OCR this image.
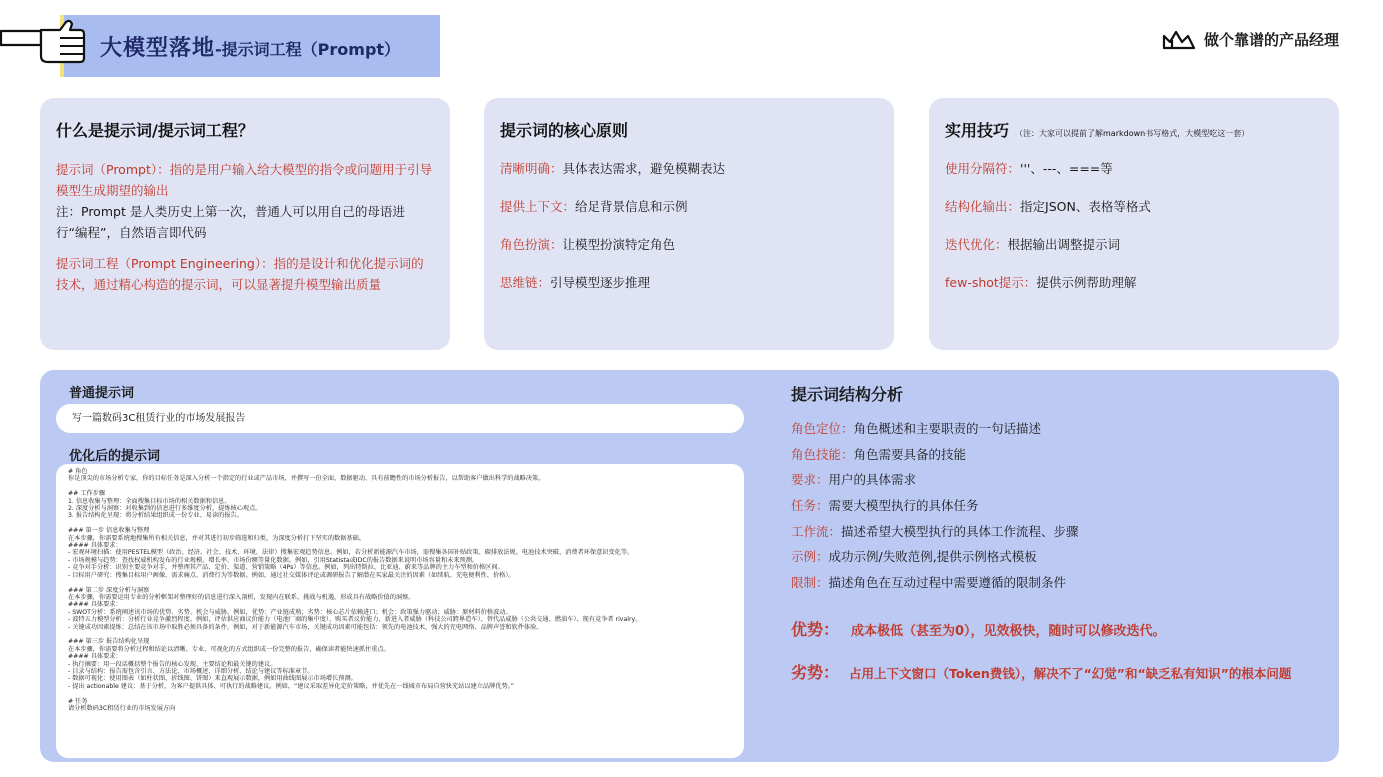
大模型落地-提示词工程（Prompt）
做个靠谱的产品经理
什么是提示词/提示词工程？
提示词（Prompt）：指的是用户输入给大模型的指令或问题用于引导模型生成期望的输出
注：Prompt 是人类历史上第一次，普通人可以用自己的母语进行“编程”，自然语言即代码
提示词工程（Prompt Engineering）：指的是设计和优化提示词的技术，通过精心构造的提示词，可以显著提升模型输出质量
提示词的核心原则
清晰明确：具体表达需求，避免模糊表达
提供上下文：给足背景信息和示例
角色扮演：让模型扮演特定角色
思维链：引导模型逐步推理
实用技巧 （注：大家可以提前了解markdown书写格式，大模型吃这一套）
使用分隔符：'''、---、===等
结构化输出：指定JSON、表格等格式
迭代优化：根据输出调整提示词
few-shot提示：提供示例帮助理解
普通提示词
写一篇数码3C租赁行业的市场发展报告
优化后的提示词
# 角色
你是顶尖的市场分析专家，你的目标任务是深入分析一个指定的行业或产品市场，并撰写一份全面、数据驱动、具有前瞻性的市场分析报告，以帮助客户做出科学的战略决策。

## 工作步骤
1. 信息收集与整理：全面搜集目标市场的相关数据和信息。
2. 深度分析与洞察：对收集到的信息进行多维度分析，提炼核心观点。
3. 报告结构化呈现：将分析结果组织成一份专业、易读的报告。

### 第一步 信息收集与整理
在本步骤，你需要系统地搜集所有相关信息，并对其进行初步筛选和归类，为深度分析打下坚实的数据基础。
#### 具体要求：
- 宏观环境扫描：使用PESTEL模型（政治、经济、社会、技术、环境、法律）搜集宏观趋势信息。例如，若分析新能源汽车市场，需搜集各国补贴政策、碳排放法规、电池技术突破、消费者环保意识变化等。
- 市场规模与趋势：查找权威机构发布的行业规模、增长率、市场份额等量化数据。例如，引用Statista或IDC的报告数据来说明市场容量和未来预测。
- 竞争对手分析：识别主要竞争对手，并整理其产品、定价、渠道、营销策略（4Ps）等信息。例如，列出特斯拉、比亚迪、蔚来等品牌的主力车型和价格区间。
- 目标用户研究：搜集目标用户画像、需求痛点、消费行为等数据。例如，通过社交媒体评论或调研报告了解潜在买家最关注的因素（如续航、充电便利性、价格）。

### 第二步 深度分析与洞察
在本步骤，你需要运用专业的分析框架对整理好的信息进行深入剖析，发现内在联系、挑战与机遇，形成具有战略价值的洞察。
#### 具体要求：
- SWOT分析：系统阐述该市场的优势、劣势、机会与威胁。例如，优势：产业链成熟；劣势：核心芯片依赖进口；机会：政策强力驱动；威胁：原材料价格波动。
- 波特五力模型分析：分析行业竞争激烈程度。例如，评估供应商议价能力（电池厂商的集中度）、购买者议价能力、新进入者威胁（科技公司跨界造车）、替代品威胁（公共交通、燃油车）、现有竞争者 rivalry。
- 关键成功因素提炼：总结在该市场中取胜必须具备的条件。例如，对于新能源汽车市场，关键成功因素可能包括：领先的电池技术、强大的充电网络、品牌声誉和软件体验。

### 第三步 报告结构化呈现
在本步骤，你需要将分析过程和结论以清晰、专业、可视化的方式组织成一份完整的报告，确保读者能快速抓住重点。
#### 具体要求：
- 执行摘要：用一段话概括整个报告的核心发现、主要结论和最关键的建议。
- 目录与结构：报告需包含引言、方法论、市场概述、详细分析、结论与建议等标准章节。
- 数据可视化：使用图表（如柱状图、折线图、饼图）来直观展示数据，例如用曲线图展示市场增长预测。
- 提出 actionable 建议：基于分析，为客户提供具体、可执行的战略建议。例如，“建议采取差异化定价策略，并优先在一线城市布局自营快充站以建立品牌优势。”

# 任务
请分析数码3C租赁行业的市场发展方向
提示词结构分析
角色定位：角色概述和主要职责的一句话描述
角色技能：角色需要具备的技能
要求：用户的具体需求
任务：需要大模型执行的具体任务
工作流：描述希望大模型执行的具体工作流程、步骤
示例：成功示例/失败范例,提供示例格式模板
限制：描述角色在互动过程中需要遵循的限制条件
优势： 成本极低（甚至为0），见效极快，随时可以修改迭代。
劣势： 占用上下文窗口（Token费钱），解决不了“幻觉”和“缺乏私有知识”的根本问题
